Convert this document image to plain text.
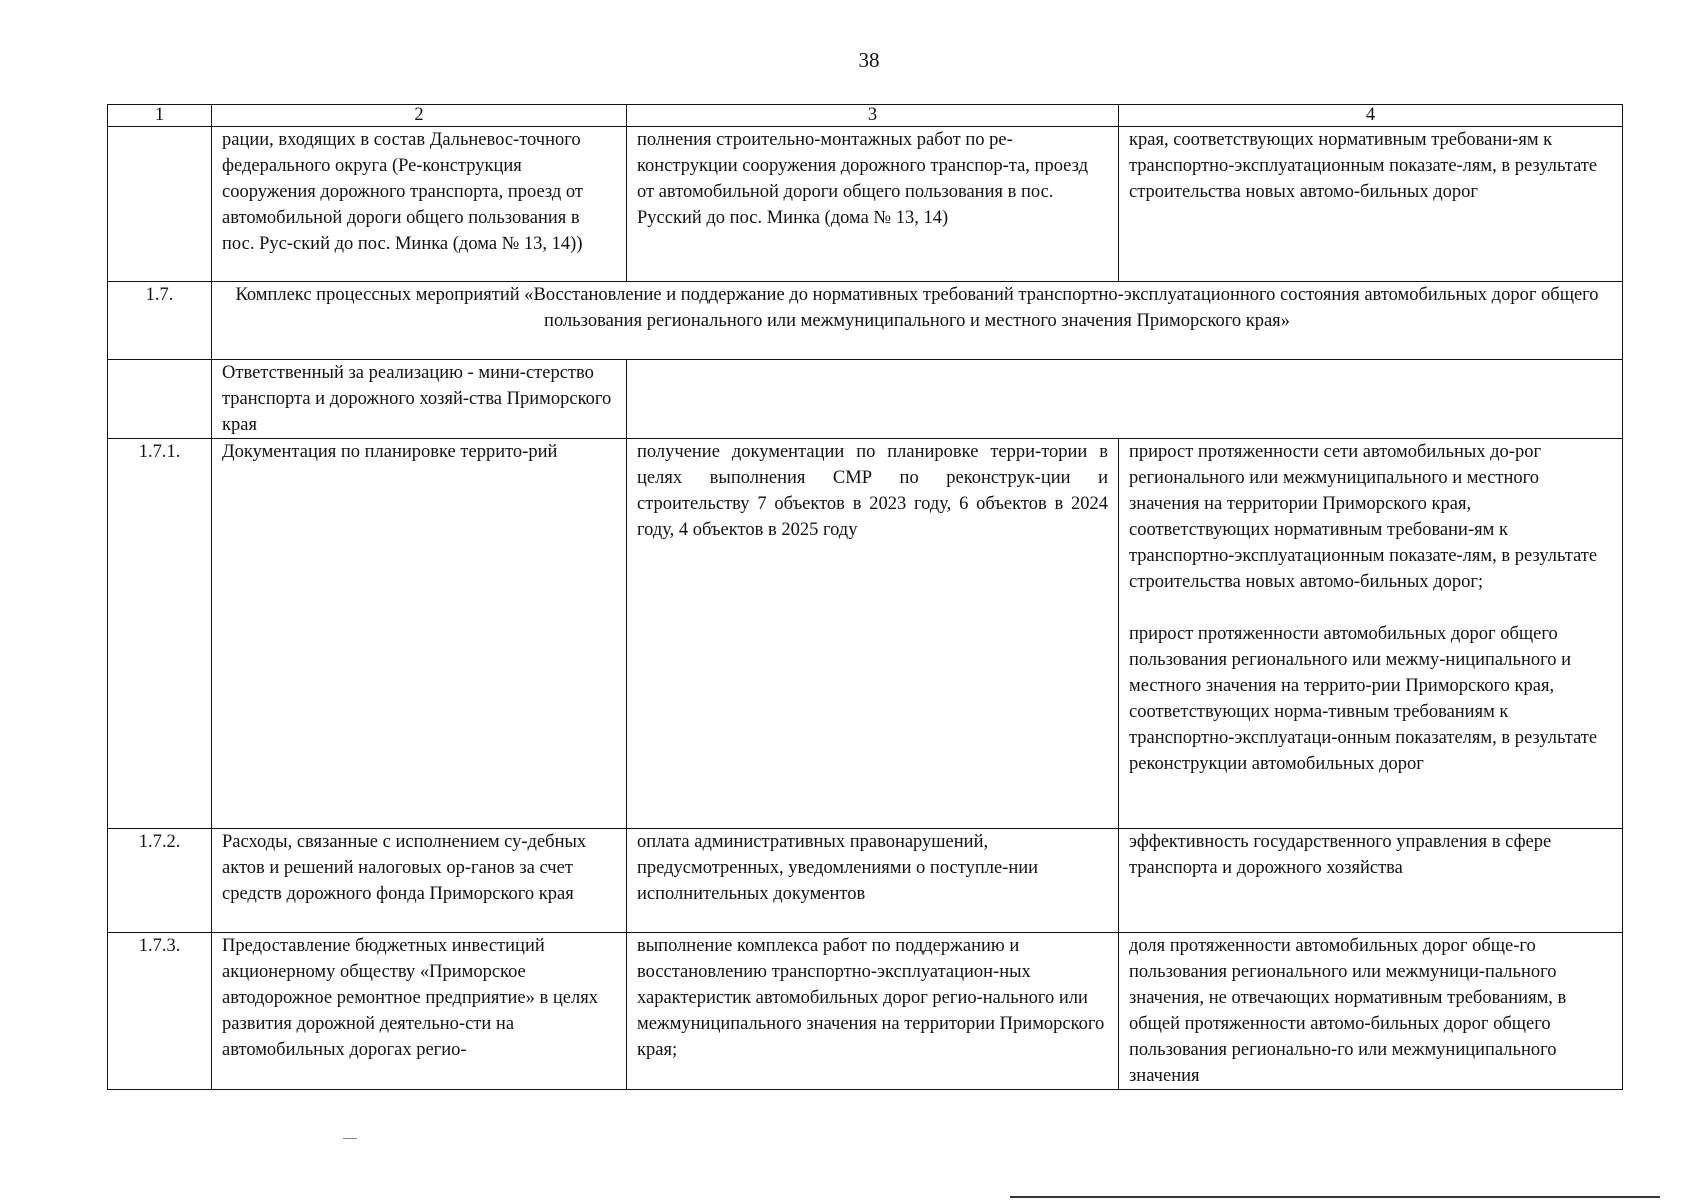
38
1	2	3	4
	рации, входящих в состав Дальневос-точного федерального округа (Ре-конструкция сооружения дорожного транспорта, проезд от автомобильной дороги общего пользования в пос. Рус-ский до пос. Минка (дома № 13, 14))	полнения строительно-монтажных работ по ре-конструкции сооружения дорожного транспор-та, проезд от автомобильной дороги общего пользования в пос. Русский до пос. Минка (дома № 13, 14)	края, соответствующих нормативным требовани-ям к транспортно-эксплуатационным показате-лям, в результате строительства новых автомо-бильных дорог
1.7.	Комплекс процессных мероприятий «Восстановление и поддержание до нормативных требований транспортно-эксплуатационного состояния автомобильных дорог общего пользования регионального или межмуниципального и местного значения Приморского края»		
	Ответственный за реализацию - мини-стерство транспорта и дорожного хозяй-ства Приморского края		
1.7.1.	Документация по планировке террито-рий	получение документации по планировке терри-тории в целях выполнения СМР по реконструк-ции и строительству 7 объектов в 2023 году, 6 объектов в 2024 году, 4 объектов в 2025 году	прирост протяженности сети автомобильных до-рог регионального или межмуниципального и местного значения на территории Приморского края, соответствующих нормативным требовани-ям к транспортно-эксплуатационным показате-лям, в результате строительства новых автомо-бильных дорог;
прирост протяженности автомобильных дорог общего пользования регионального или межму-ниципального и местного значения на террито-рии Приморского края, соответствующих норма-тивным требованиям к транспортно-эксплуатаци-онным показателям, в результате реконструкции автомобильных дорог

1.7.2.	Расходы, связанные с исполнением су-дебных актов и решений налоговых ор-ганов за счет средств дорожного фонда Приморского края	оплата административных правонарушений, предусмотренных, уведомлениями о поступле-нии исполнительных документов	эффективность государственного управления в сфере транспорта и дорожного хозяйства
1.7.3.	Предоставление бюджетных инвестиций акционерному обществу «Приморское автодорожное ремонтное предприятие» в целях развития дорожной деятельно-сти на автомобильных дорогах регио-	выполнение комплекса работ по поддержанию и восстановлению транспортно-эксплуатацион-ных характеристик автомобильных дорог регио-нального или межмуниципального значения на территории Приморского края;	доля протяженности автомобильных дорог обще-го пользования регионального или межмуници-пального значения, не отвечающих нормативным требованиям, в общей протяженности автомо-бильных дорог общего пользования регионально-го или межмуниципального значения
